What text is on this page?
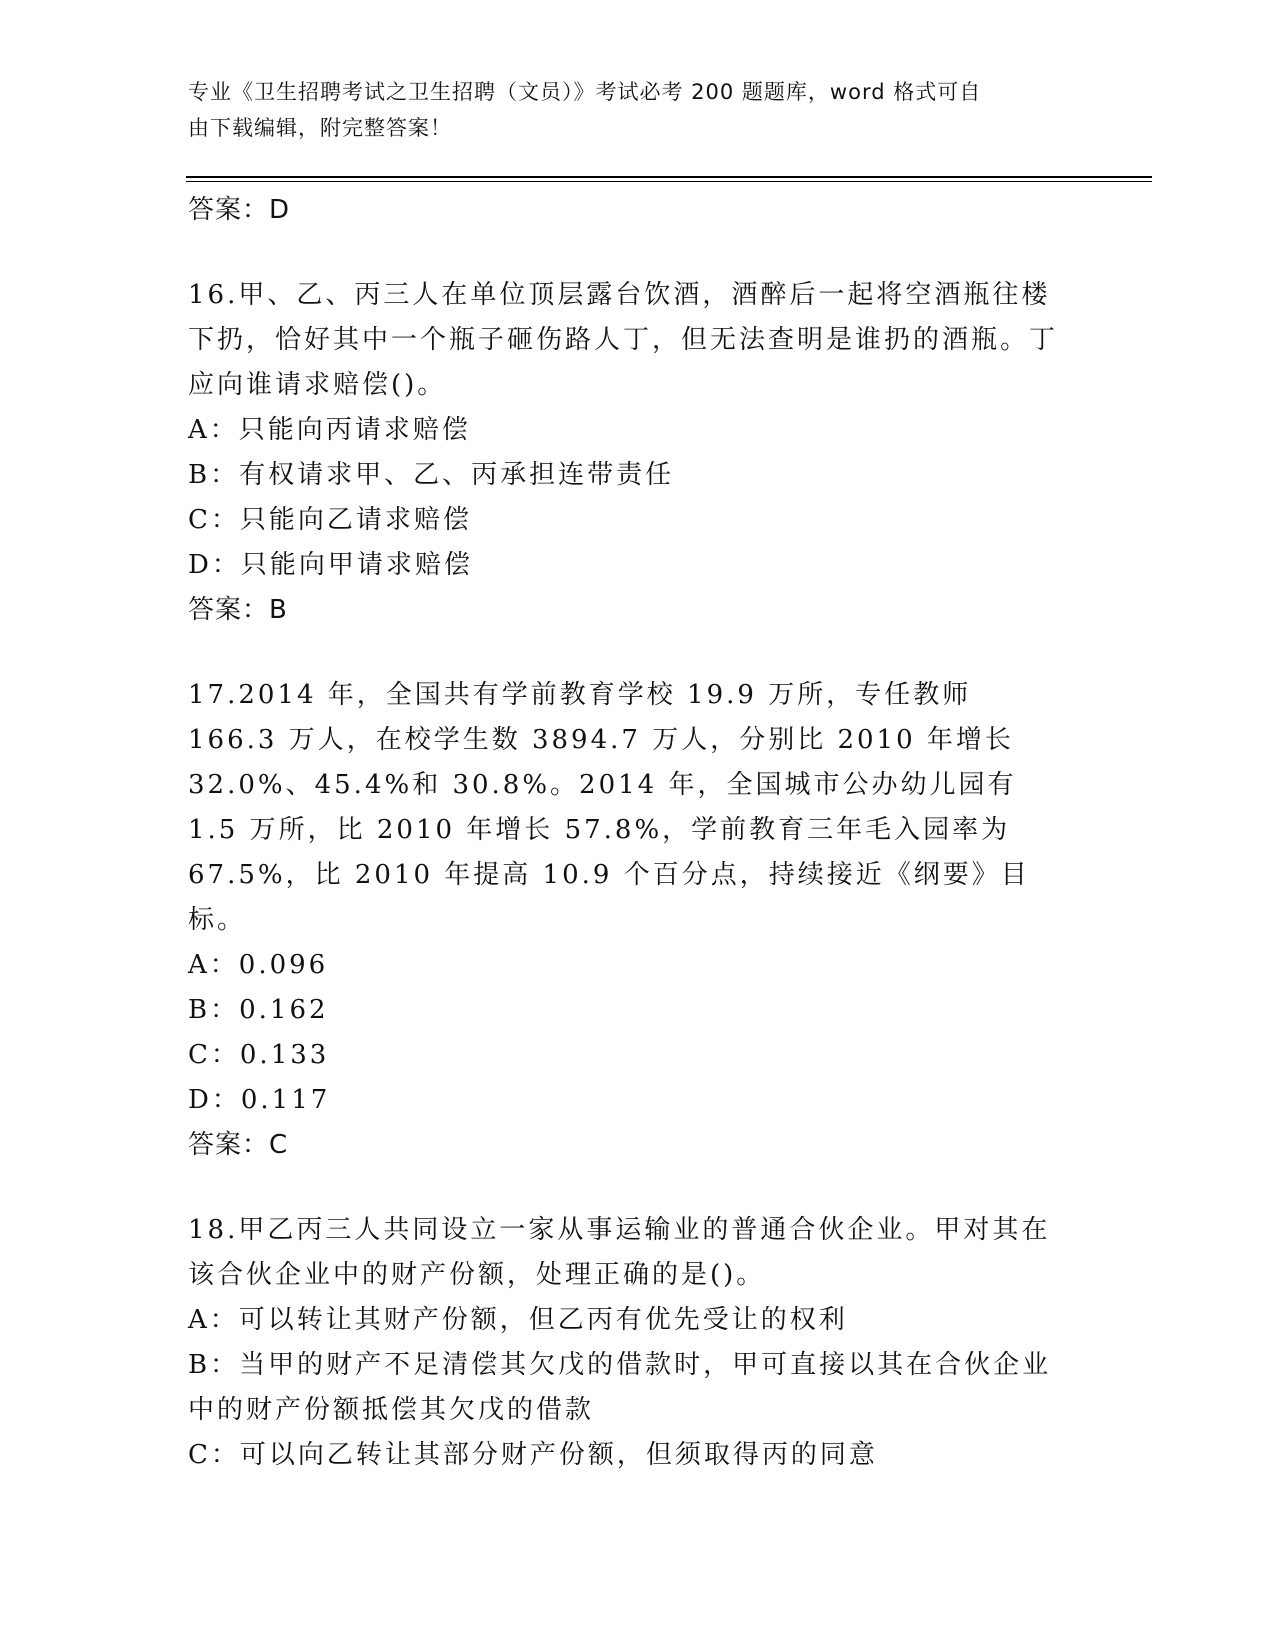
专业《卫生招聘考试之卫生招聘（文员）》考试必考 200 题题库，word 格式可自
由下载编辑，附完整答案！
答案：D
16.甲、乙、丙三人在单位顶层露台饮酒，酒醉后一起将空酒瓶往楼下扔，恰好其中一个瓶子砸伤路人丁，但无法查明是谁扔的酒瓶。丁应向谁请求赔偿()。
A：只能向丙请求赔偿
B：有权请求甲、乙、丙承担连带责任
C：只能向乙请求赔偿
D：只能向甲请求赔偿
答案：B
17.2014 年，全国共有学前教育学校 19.9 万所，专任教师 166.3 万人，在校学生数 3894.7 万人，分别比 2010 年增长 32.0%、45.4%和 30.8%。2014 年，全国城市公办幼儿园有 1.5 万所，比 2010 年增长 57.8%，学前教育三年毛入园率为 67.5%，比 2010 年提高 10.9 个百分点，持续接近《纲要》目标。
A：0.096
B：0.162
C：0.133
D：0.117
答案：C
18.甲乙丙三人共同设立一家从事运输业的普通合伙企业。甲对其在该合伙企业中的财产份额，处理正确的是()。
A：可以转让其财产份额，但乙丙有优先受让的权利
B：当甲的财产不足清偿其欠戊的借款时，甲可直接以其在合伙企业中的财产份额抵偿其欠戊的借款
C：可以向乙转让其部分财产份额，但须取得丙的同意
